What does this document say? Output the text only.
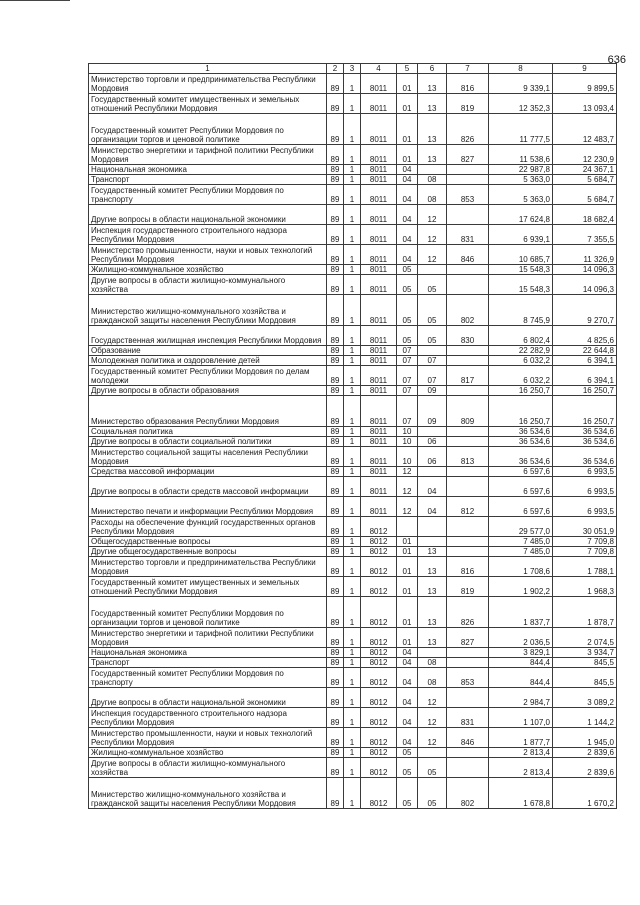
636
1	2	3	4	5	6	7	8	9
Министерство торговли и предпринимательства Республики Мордовия	89	1	8011	01	13	816	9 339,1	9 899,5
Государственный комитет имущественных и земельных отношений Республики Мордовия	89	1	8011	01	13	819	12 352,3	13 093,4
Государственный комитет Республики Мордовия по организации торгов и ценовой политике	89	1	8011	01	13	826	11 777,5	12 483,7
Министерство энергетики и тарифной политики Республики Мордовия	89	1	8011	01	13	827	11 538,6	12 230,9
Национальная экономика	89	1	8011	04			22 987,8	24 367,1
Транспорт	89	1	8011	04	08		5 363,0	5 684,7
Государственный комитет Республики Мордовия по транспорту	89	1	8011	04	08	853	5 363,0	5 684,7
Другие вопросы в области национальной экономики	89	1	8011	04	12		17 624,8	18 682,4
Инспекция государственного строительного надзора Республики Мордовия	89	1	8011	04	12	831	6 939,1	7 355,5
Министерство промышленности, науки и новых технологий Республики Мордовия	89	1	8011	04	12	846	10 685,7	11 326,9
Жилищно-коммунальное хозяйство	89	1	8011	05			15 548,3	14 096,3
Другие вопросы в области жилищно-коммунального хозяйства	89	1	8011	05	05		15 548,3	14 096,3
Министерство жилищно-коммунального хозяйства и гражданской защиты населения Республики Мордовия	89	1	8011	05	05	802	8 745,9	9 270,7
Государственная жилищная инспекция Республики Мордовия	89	1	8011	05	05	830	6 802,4	4 825,6
Образование	89	1	8011	07			22 282,9	22 644,8
Молодежная политика и оздоровление детей	89	1	8011	07	07		6 032,2	6 394,1
Государственный комитет Республики Мордовия по делам молодежи	89	1	8011	07	07	817	6 032,2	6 394,1
Другие вопросы в области образования	89	1	8011	07	09		16 250,7	16 250,7
Министерство образования Республики Мордовия	89	1	8011	07	09	809	16 250,7	16 250,7
Социальная политика	89	1	8011	10			36 534,6	36 534,6
Другие вопросы в области социальной политики	89	1	8011	10	06		36 534,6	36 534,6
Министерство социальной защиты населения Республики Мордовия	89	1	8011	10	06	813	36 534,6	36 534,6
Средства массовой информации	89	1	8011	12			6 597,6	6 993,5
Другие вопросы в области средств массовой информации	89	1	8011	12	04		6 597,6	6 993,5
Министерство печати и информации Республики Мордовия	89	1	8011	12	04	812	6 597,6	6 993,5
Расходы на обеспечение функций государственных органов Республики Мордовия	89	1	8012				29 577,0	30 051,9
Общегосударственные вопросы	89	1	8012	01			7 485,0	7 709,8
Другие общегосударственные вопросы	89	1	8012	01	13		7 485,0	7 709,8
Министерство торговли и предпринимательства Республики Мордовия	89	1	8012	01	13	816	1 708,6	1 788,1
Государственный комитет имущественных и земельных отношений Республики Мордовия	89	1	8012	01	13	819	1 902,2	1 968,3
Государственный комитет Республики Мордовия по организации торгов и ценовой политике	89	1	8012	01	13	826	1 837,7	1 878,7
Министерство энергетики и тарифной политики Республики Мордовия	89	1	8012	01	13	827	2 036,5	2 074,5
Национальная экономика	89	1	8012	04			3 829,1	3 934,7
Транспорт	89	1	8012	04	08		844,4	845,5
Государственный комитет Республики Мордовия по транспорту	89	1	8012	04	08	853	844,4	845,5
Другие вопросы в области национальной экономики	89	1	8012	04	12		2 984,7	3 089,2
Инспекция государственного строительного надзора Республики Мордовия	89	1	8012	04	12	831	1 107,0	1 144,2
Министерство промышленности, науки и новых технологий Республики Мордовия	89	1	8012	04	12	846	1 877,7	1 945,0
Жилищно-коммунальное хозяйство	89	1	8012	05			2 813,4	2 839,6
Другие вопросы в области жилищно-коммунального хозяйства	89	1	8012	05	05		2 813,4	2 839,6
Министерство жилищно-коммунального хозяйства и гражданской защиты населения Республики Мордовия	89	1	8012	05	05	802	1 678,8	1 670,2
